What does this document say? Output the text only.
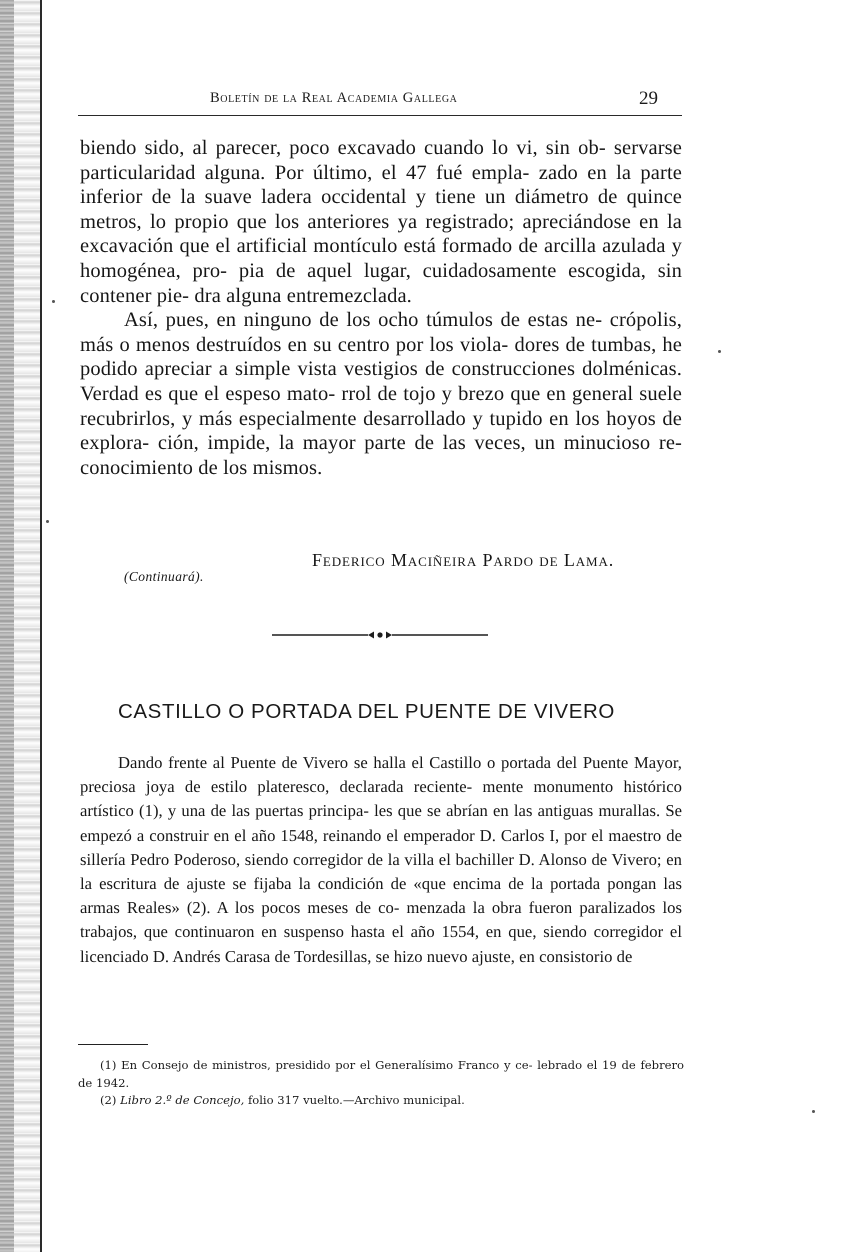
Boletín de la Real Academia Gallega	29

biendo sido, al parecer, poco excavado cuando lo vi, sin ob- servarse particularidad alguna. Por último, el 47 fué empla- zado en la parte inferior de la suave ladera occidental y tiene un diámetro de quince metros, lo propio que los anteriores ya registrado; apreciándose en la excavación que el artificial montículo está formado de arcilla azulada y homogénea, pro- pia de aquel lugar, cuidadosamente escogida, sin contener pie- dra alguna entremezclada.

Así, pues, en ninguno de los ocho túmulos de estas ne- crópolis, más o menos destruídos en su centro por los viola- dores de tumbas, he podido apreciar a simple vista vestigios de construcciones dolménicas. Verdad es que el espeso mato- rrol de tojo y brezo que en general suele recubrirlos, y más especialmente desarrollado y tupido en los hoyos de explora- ción, impide, la mayor parte de las veces, un minucioso re- conocimiento de los mismos.

Federico Maciñeira Pardo de Lama.
(Continuará).
CASTILLO O PORTADA DEL PUENTE DE VIVERO

Dando frente al Puente de Vivero se halla el Castillo o portada del Puente Mayor, preciosa joya de estilo plateresco, declarada reciente- mente monumento histórico artístico (1), y una de las puertas principa- les que se abrían en las antiguas murallas. Se empezó a construir en el año 1548, reinando el emperador D. Carlos I, por el maestro de sillería Pedro Poderoso, siendo corregidor de la villa el bachiller D. Alonso de Vivero; en la escritura de ajuste se fijaba la condición de «que encima de la portada pongan las armas Reales» (2). A los pocos meses de co- menzada la obra fueron paralizados los trabajos, que continuaron en suspenso hasta el año 1554, en que, siendo corregidor el licenciado D. Andrés Carasa de Tordesillas, se hizo nuevo ajuste, en consistorio de

(1) En Consejo de ministros, presidido por el Generalísimo Franco y ce- lebrado el 19 de febrero de 1942.

(2) Libro 2.º de Concejo, folio 317 vuelto.—Archivo municipal.
